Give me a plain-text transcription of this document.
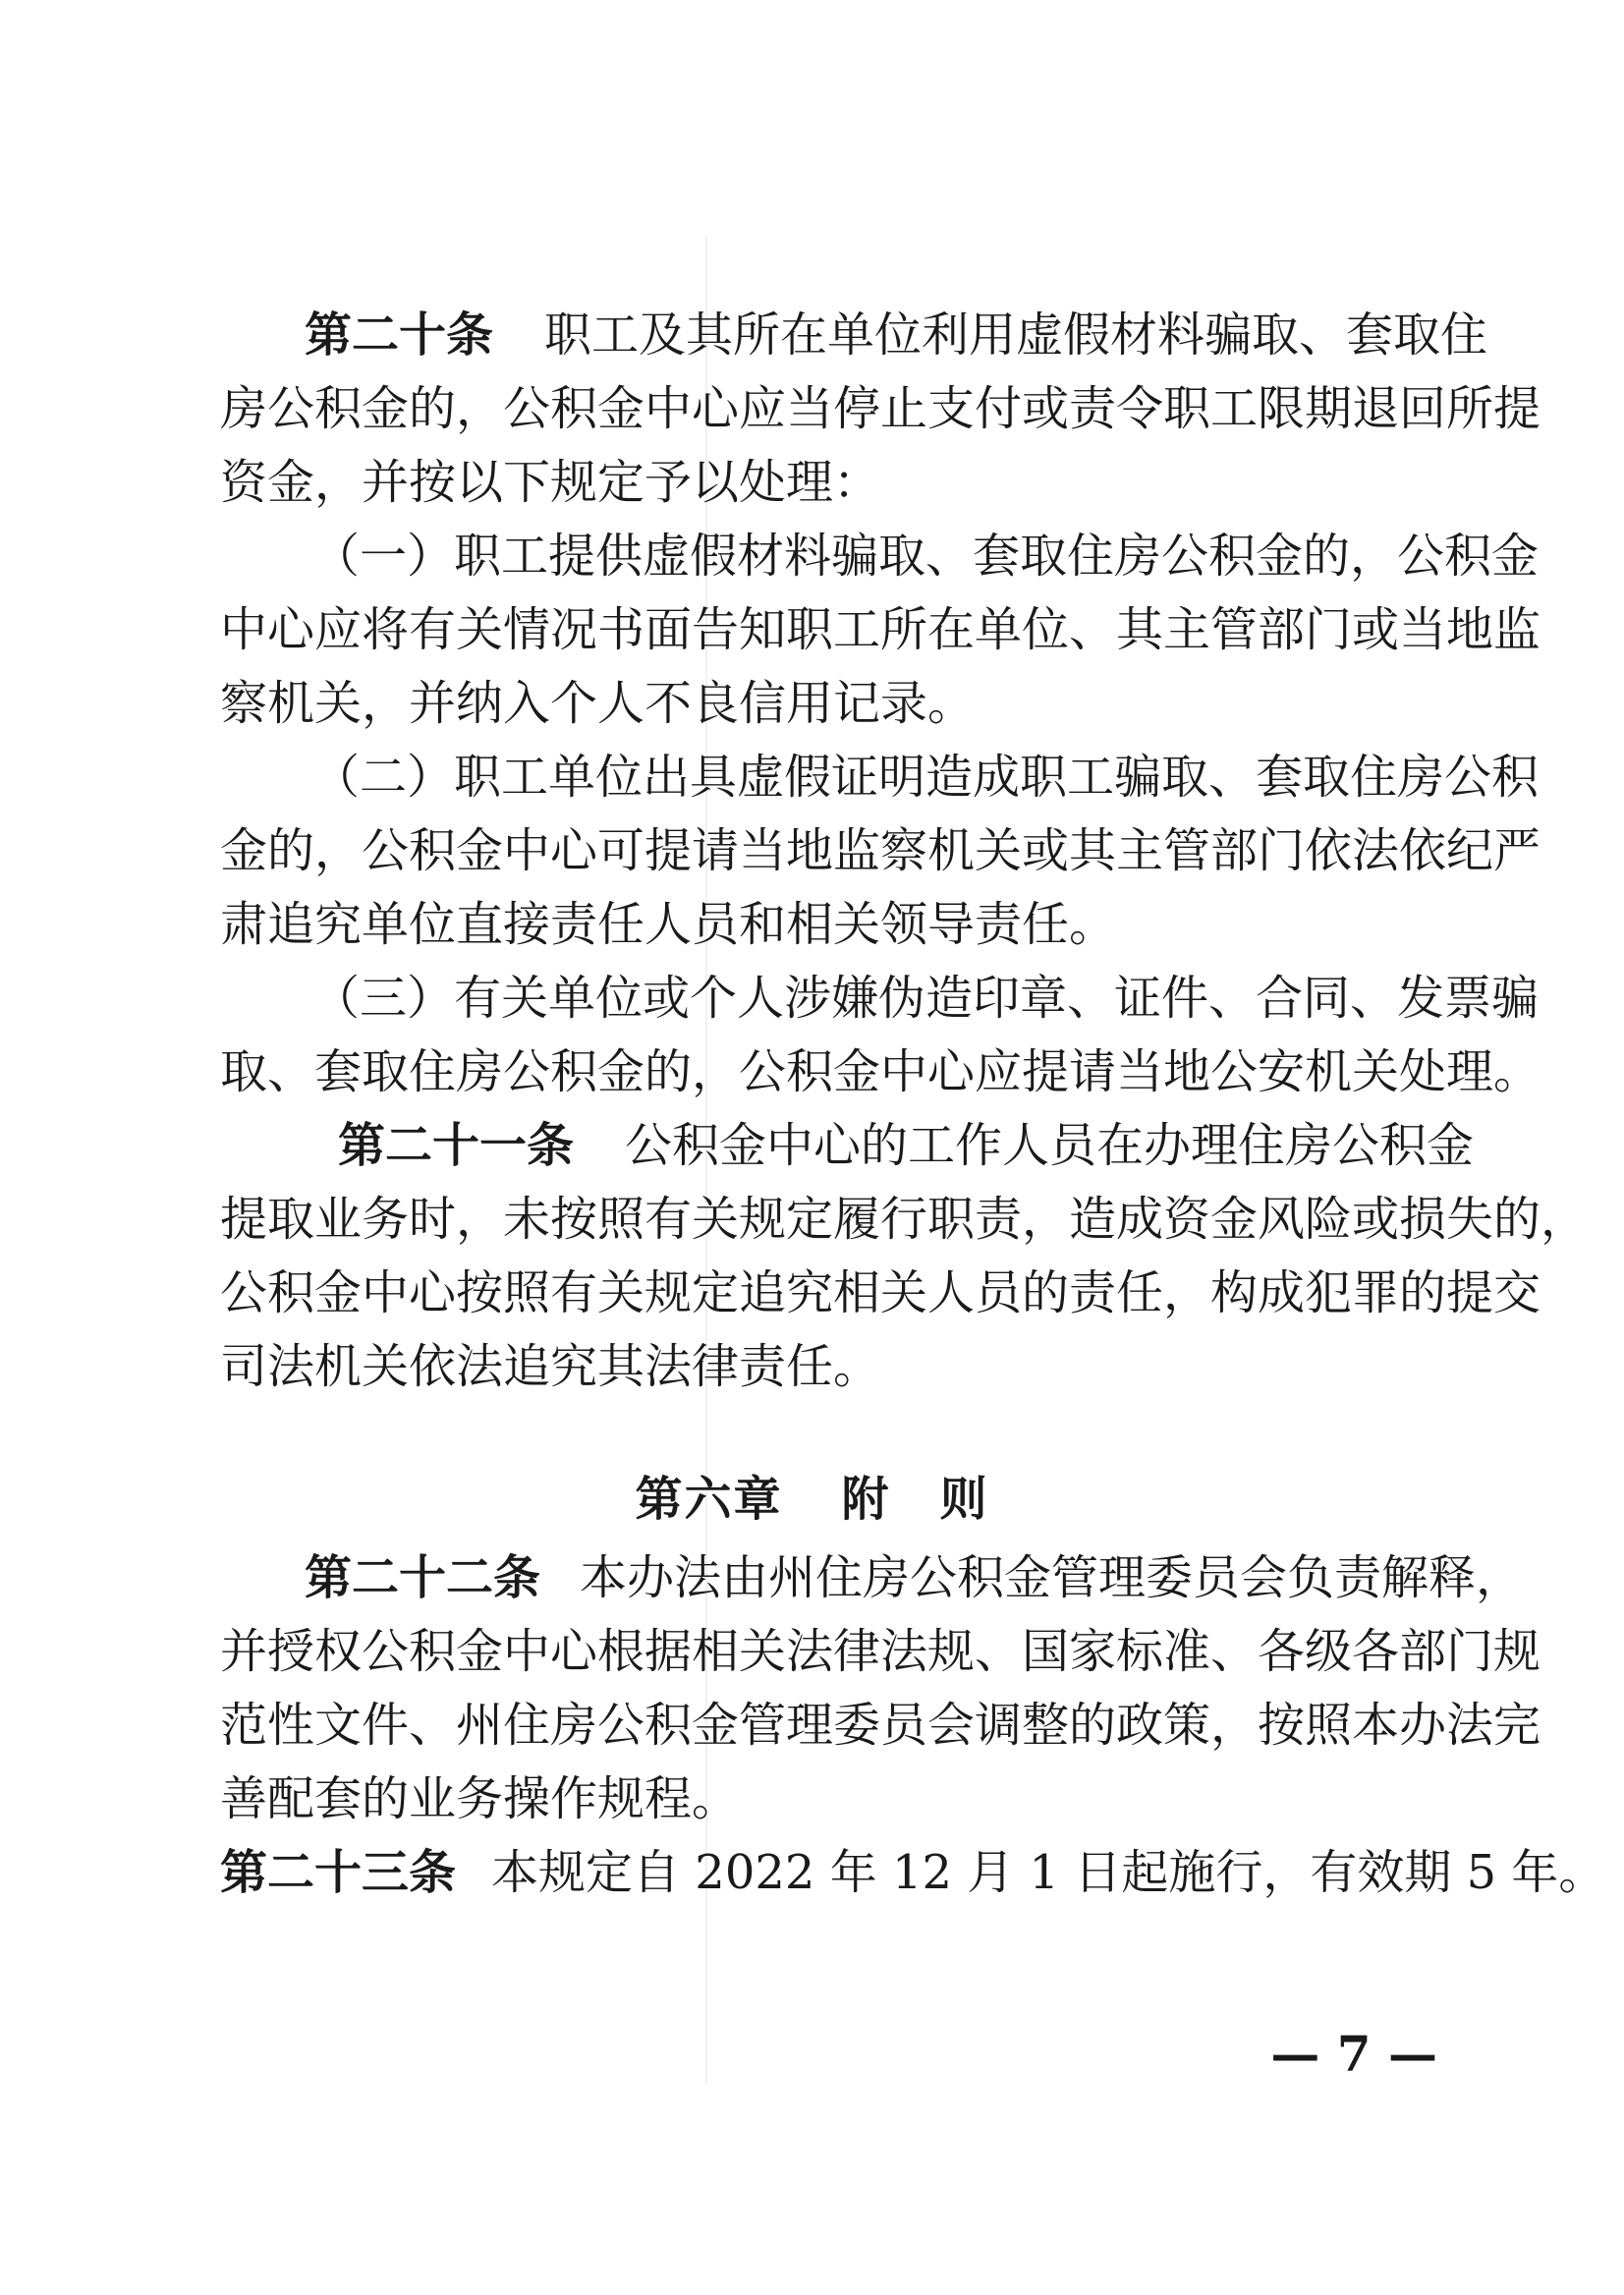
第二十条 职工及其所在单位利用虚假材料骗取、套取住
房公积金的，公积金中心应当停止支付或责令职工限期退回所提
资金，并按以下规定予以处理：
（一）职工提供虚假材料骗取、套取住房公积金的，公积金
中心应将有关情况书面告知职工所在单位、其主管部门或当地监
察机关，并纳入个人不良信用记录。
（二）职工单位出具虚假证明造成职工骗取、套取住房公积
金的，公积金中心可提请当地监察机关或其主管部门依法依纪严
肃追究单位直接责任人员和相关领导责任。
（三）有关单位或个人涉嫌伪造印章、证件、合同、发票骗
取、套取住房公积金的，公积金中心应提请当地公安机关处理。
第二十一条 公积金中心的工作人员在办理住房公积金
提取业务时，未按照有关规定履行职责，造成资金风险或损失的，
公积金中心按照有关规定追究相关人员的责任，构成犯罪的提交
司法机关依法追究其法律责任。
第六章 附　则
第二十二条 本办法由州住房公积金管理委员会负责解释，
并授权公积金中心根据相关法律法规、国家标准、各级各部门规
范性文件、州住房公积金管理委员会调整的政策，按照本办法完
善配套的业务操作规程。
第二十三条 本规定自 2022 年 12 月 1 日起施行，有效期 5 年。
— 7 —
